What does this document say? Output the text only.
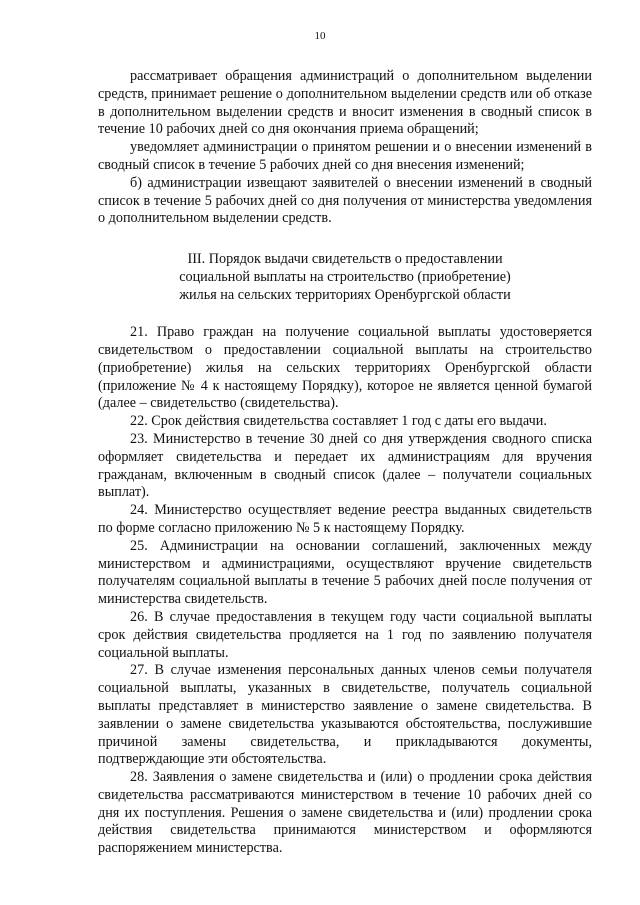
10

рассматривает обращения администраций о дополнительном выделении средств, принимает решение о дополнительном выделении средств или об отказе в дополнительном выделении средств и вносит изменения в сводный список в течение 10 рабочих дней со дня окончания приема обращений;

уведомляет администрации о принятом решении и о внесении изменений в сводный список в течение 5 рабочих дней со дня внесения изменений;

б) администрации извещают заявителей о внесении изменений в сводный список в течение 5 рабочих дней со дня получения от министерства уведомления о дополнительном выделении средств.

III. Порядок выдачи свидетельств о предоставлении
социальной выплаты на строительство (приобретение)
жилья на сельских территориях Оренбургской области

21. Право граждан на получение социальной выплаты удостоверяется свидетельством о предоставлении социальной выплаты на строительство (приобретение) жилья на сельских территориях Оренбургской области (приложение № 4 к настоящему Порядку), которое не является ценной бумагой (далее – свидетельство (свидетельства).

22. Срок действия свидетельства составляет 1 год с даты его выдачи.

23. Министерство в течение 30 дней со дня утверждения сводного списка оформляет свидетельства и передает их администрациям для вручения гражданам, включенным в сводный список (далее – получатели социальных выплат).

24. Министерство осуществляет ведение реестра выданных свидетельств по форме согласно приложению № 5 к настоящему Порядку.

25. Администрации на основании соглашений, заключенных между министерством и администрациями, осуществляют вручение свидетельств получателям социальной выплаты в течение 5 рабочих дней после получения от министерства свидетельств.

26. В случае предоставления в текущем году части социальной выплаты срок действия свидетельства продляется на 1 год по заявлению получателя социальной выплаты.

27. В случае изменения персональных данных членов семьи получателя социальной выплаты, указанных в свидетельстве, получатель социальной выплаты представляет в министерство заявление о замене свидетельства. В заявлении о замене свидетельства указываются обстоятельства, послужившие причиной замены свидетельства, и прикладываются документы, подтверждающие эти обстоятельства.

28. Заявления о замене свидетельства и (или) о продлении срока действия свидетельства рассматриваются министерством в течение 10 рабочих дней со дня их поступления. Решения о замене свидетельства и (или) продлении срока действия свидетельства принимаются министерством и оформляются распоряжением министерства.
